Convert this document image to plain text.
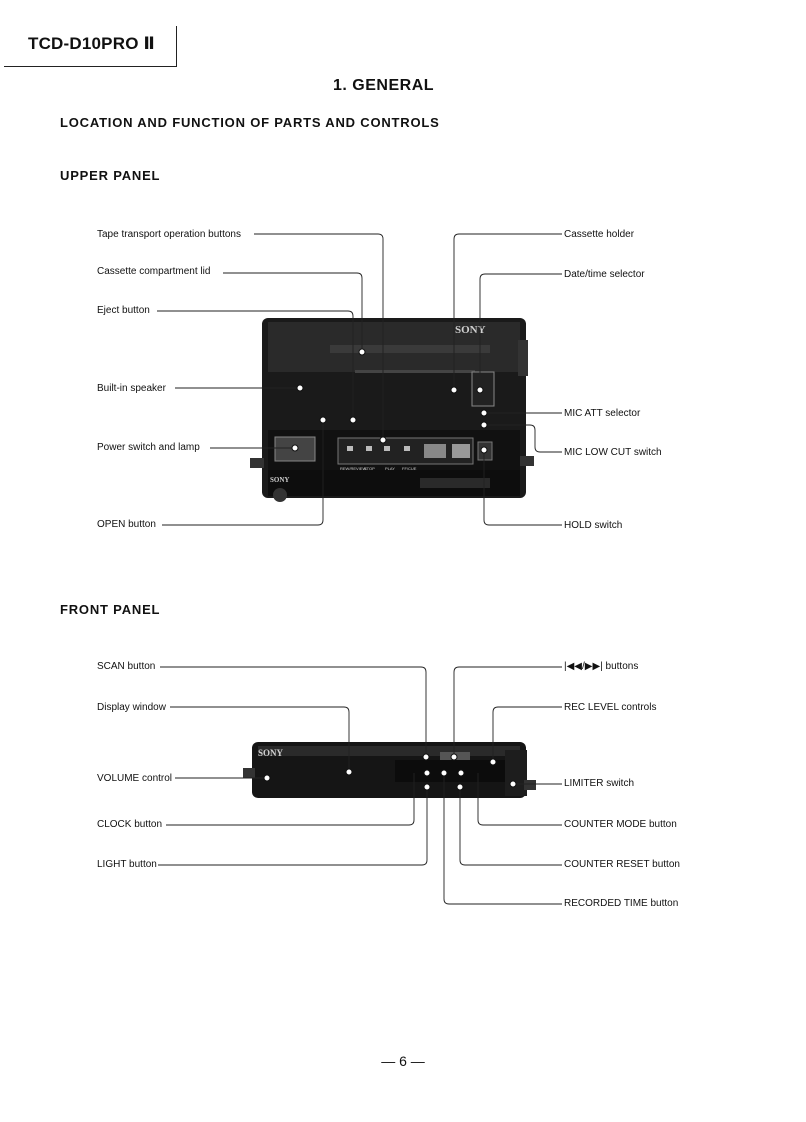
TCD-D10PRO Ⅱ
1. GENERAL
LOCATION AND FUNCTION OF PARTS AND CONTROLS
UPPER PANEL
Tape transport operation buttons
Cassette compartment lid
Eject button
Built-in speaker
Power switch and lamp
OPEN button
Cassette holder
Date/time selector
MIC ATT selector
MIC LOW CUT switch
HOLD switch
FRONT PANEL
SCAN button
Display window
VOLUME control
CLOCK button
LIGHT button
|◀◀/▶▶| buttons
REC LEVEL controls
LIMITER switch
COUNTER MODE button
COUNTER RESET button
RECORDED TIME button
SONY
SONY
REW/REVIEW
STOP	PLAY FF/CUE
SONY
— 6 —
